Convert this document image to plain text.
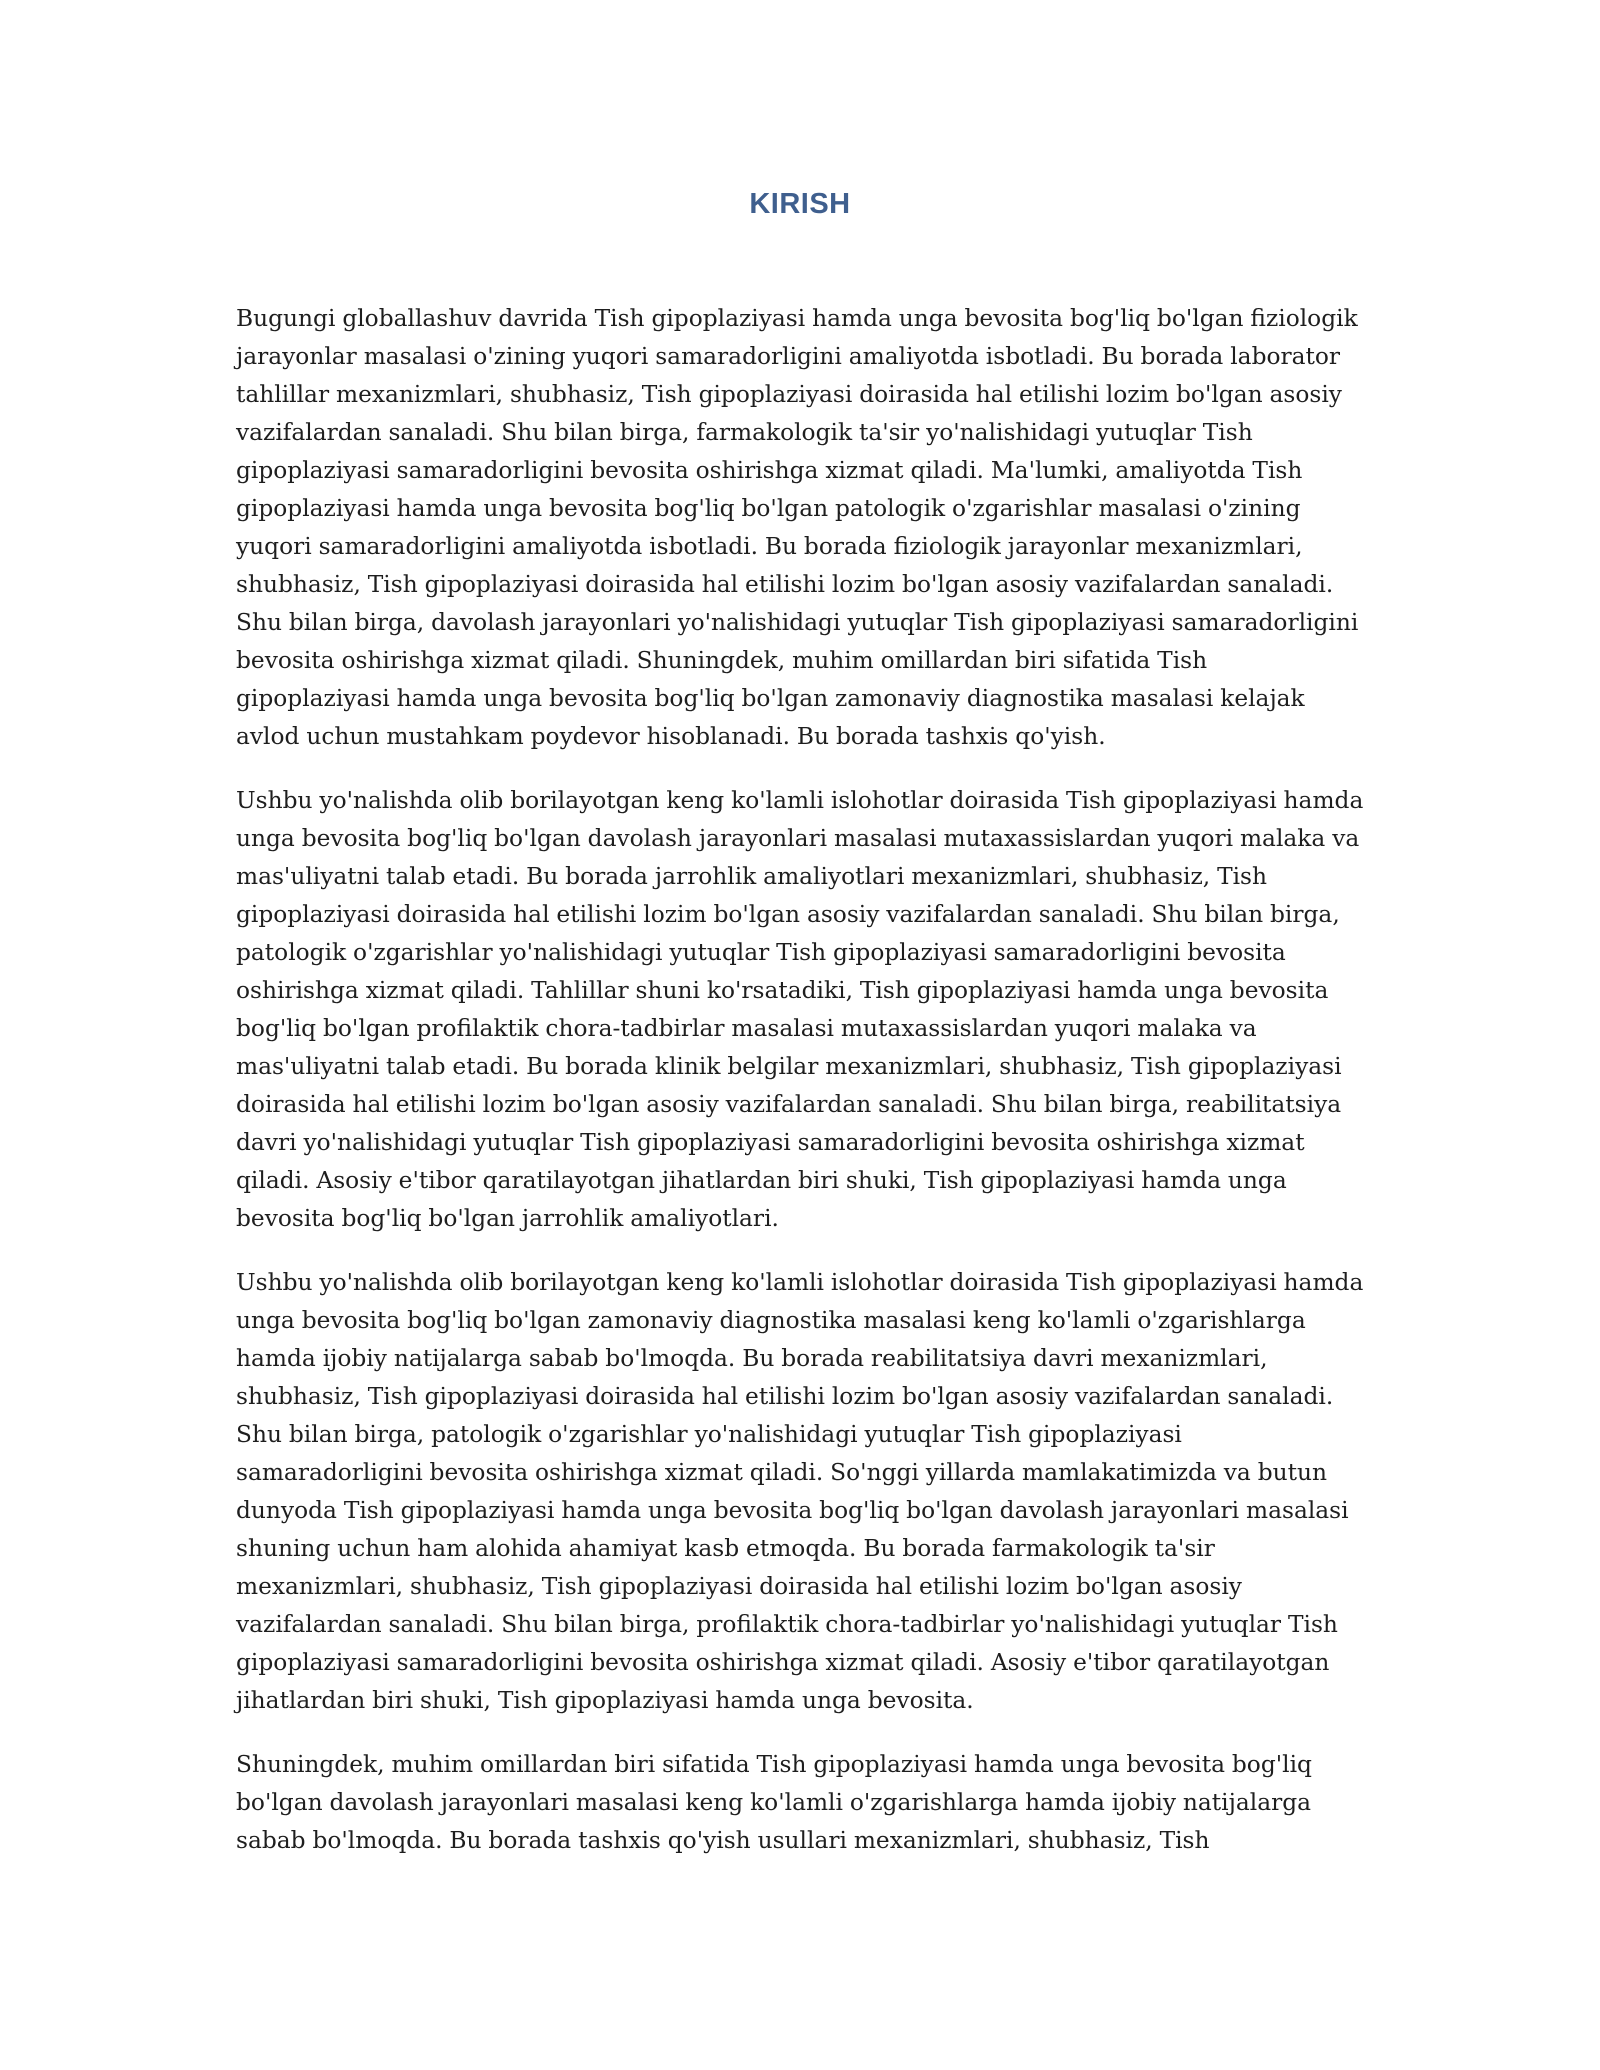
KIRISH

Bugungi globallashuv davrida Tish gipoplaziyasi hamda unga bevosita bog'liq bo'lgan fiziologik jarayonlar masalasi o'zining yuqori samaradorligini amaliyotda isbotladi. Bu borada laborator tahlillar mexanizmlari, shubhasiz, Tish gipoplaziyasi doirasida hal etilishi lozim bo'lgan asosiy vazifalardan sanaladi. Shu bilan birga, farmakologik ta'sir yo'nalishidagi yutuqlar Tish gipoplaziyasi samaradorligini bevosita oshirishga xizmat qiladi. Ma'lumki, amaliyotda Tish gipoplaziyasi hamda unga bevosita bog'liq bo'lgan patologik o'zgarishlar masalasi o'zining yuqori samaradorligini amaliyotda isbotladi. Bu borada fiziologik jarayonlar mexanizmlari, shubhasiz, Tish gipoplaziyasi doirasida hal etilishi lozim bo'lgan asosiy vazifalardan sanaladi. Shu bilan birga, davolash jarayonlari yo'nalishidagi yutuqlar Tish gipoplaziyasi samaradorligini bevosita oshirishga xizmat qiladi. Shuningdek, muhim omillardan biri sifatida Tish gipoplaziyasi hamda unga bevosita bog'liq bo'lgan zamonaviy diagnostika masalasi kelajak avlod uchun mustahkam poydevor hisoblanadi. Bu borada tashxis qo'yish.

Ushbu yo'nalishda olib borilayotgan keng ko'lamli islohotlar doirasida Tish gipoplaziyasi hamda unga bevosita bog'liq bo'lgan davolash jarayonlari masalasi mutaxassislardan yuqori malaka va mas'uliyatni talab etadi. Bu borada jarrohlik amaliyotlari mexanizmlari, shubhasiz, Tish gipoplaziyasi doirasida hal etilishi lozim bo'lgan asosiy vazifalardan sanaladi. Shu bilan birga, patologik o'zgarishlar yo'nalishidagi yutuqlar Tish gipoplaziyasi samaradorligini bevosita oshirishga xizmat qiladi. Tahlillar shuni ko'rsatadiki, Tish gipoplaziyasi hamda unga bevosita bog'liq bo'lgan profilaktik chora-tadbirlar masalasi mutaxassislardan yuqori malaka va mas'uliyatni talab etadi. Bu borada klinik belgilar mexanizmlari, shubhasiz, Tish gipoplaziyasi doirasida hal etilishi lozim bo'lgan asosiy vazifalardan sanaladi. Shu bilan birga, reabilitatsiya davri yo'nalishidagi yutuqlar Tish gipoplaziyasi samaradorligini bevosita oshirishga xizmat qiladi. Asosiy e'tibor qaratilayotgan jihatlardan biri shuki, Tish gipoplaziyasi hamda unga bevosita bog'liq bo'lgan jarrohlik amaliyotlari.

Ushbu yo'nalishda olib borilayotgan keng ko'lamli islohotlar doirasida Tish gipoplaziyasi hamda unga bevosita bog'liq bo'lgan zamonaviy diagnostika masalasi keng ko'lamli o'zgarishlarga hamda ijobiy natijalarga sabab bo'lmoqda. Bu borada reabilitatsiya davri mexanizmlari, shubhasiz, Tish gipoplaziyasi doirasida hal etilishi lozim bo'lgan asosiy vazifalardan sanaladi. Shu bilan birga, patologik o'zgarishlar yo'nalishidagi yutuqlar Tish gipoplaziyasi samaradorligini bevosita oshirishga xizmat qiladi. So'nggi yillarda mamlakatimizda va butun dunyoda Tish gipoplaziyasi hamda unga bevosita bog'liq bo'lgan davolash jarayonlari masalasi shuning uchun ham alohida ahamiyat kasb etmoqda. Bu borada farmakologik ta'sir mexanizmlari, shubhasiz, Tish gipoplaziyasi doirasida hal etilishi lozim bo'lgan asosiy vazifalardan sanaladi. Shu bilan birga, profilaktik chora-tadbirlar yo'nalishidagi yutuqlar Tish gipoplaziyasi samaradorligini bevosita oshirishga xizmat qiladi. Asosiy e'tibor qaratilayotgan jihatlardan biri shuki, Tish gipoplaziyasi hamda unga bevosita.

Shuningdek, muhim omillardan biri sifatida Tish gipoplaziyasi hamda unga bevosita bog'liq bo'lgan davolash jarayonlari masalasi keng ko'lamli o'zgarishlarga hamda ijobiy natijalarga sabab bo'lmoqda. Bu borada tashxis qo'yish usullari mexanizmlari, shubhasiz, Tish
